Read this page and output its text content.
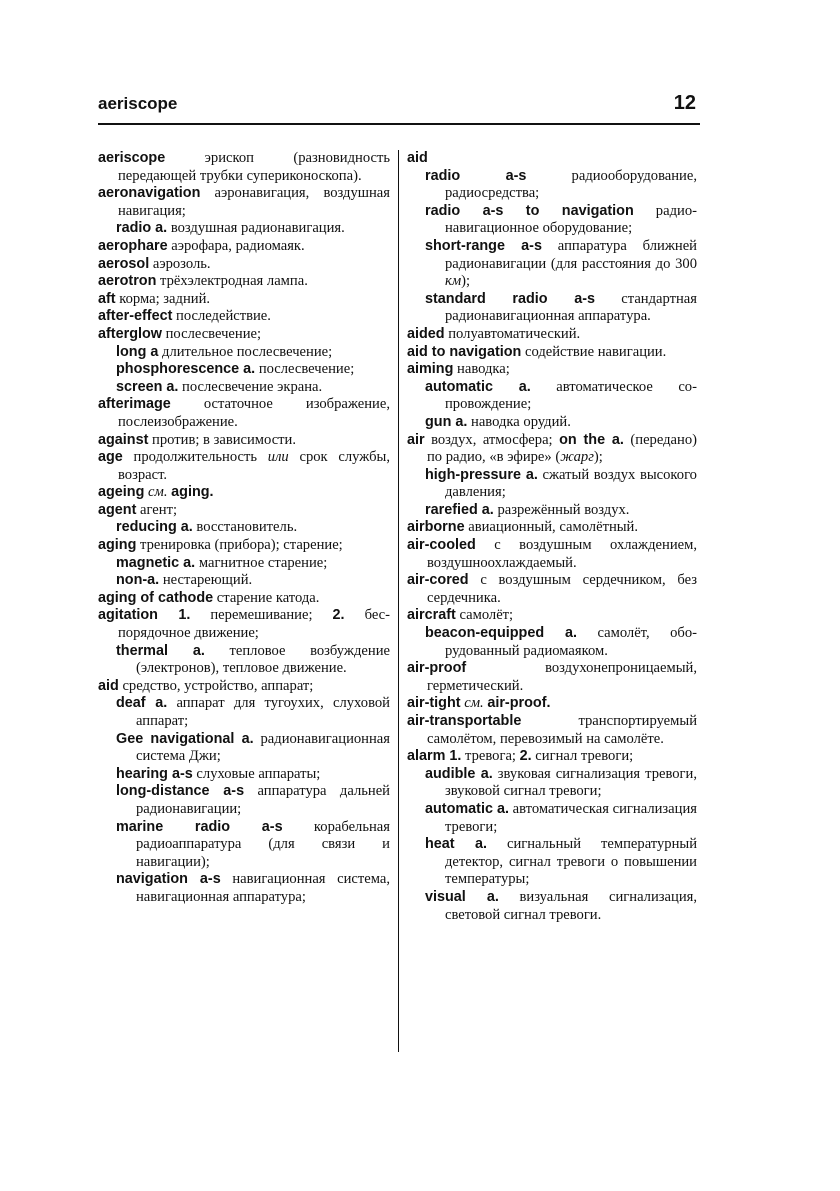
aeriscope	12

aeriscope эрископ (разновидность передающей трубки супериконоскопа).

aeronavigation аэронавигация, воздушная навигация;

radio a. воздушная радионавигация.

aerophare аэрофара, радиомаяк.

aerosol аэрозоль.

aerotron трёхэлектродная лампа.

aft корма; задний.

after-effect последействие.

afterglow послесвечение;

long a длительное послесвечение;

phosphorescence a. послесвечение;

screen a. послесвечение экрана.

afterimage остаточное изображение, послеизображение.

against против; в зависимости.

age продолжительность или срок службы, возраст.

ageing см. aging.

agent агент;

reducing a. восстановитель.

aging тренировка (прибора); старение;

magnetic a. магнитное старение;

non-a. нестареющий.

aging of cathode старение катода.

agitation 1. перемешивание; 2. беспорядочное движение;

thermal a. тепловое возбуждение (электронов), тепловое движение.

aid средство, устройство, аппарат;

deaf a. аппарат для тугоухих, слуховой аппарат;

Gee navigational a. радионавигационная система Джи;

hearing a-s слуховые аппараты;

long-distance a-s аппаратура дальней радионавигации;

marine radio a-s корабельная радиоаппаратура (для связи и навигации);

navigation a-s навигационная система, навигационная аппаратура;

aid

radio a-s радиооборудование, радиосредства;

radio a-s to navigation радионавигационное оборудование;

short-range a-s аппаратура ближней радионавигации (для расстояния до 300 км);

standard radio a-s стандартная радионавигационная аппаратура.

aided полуавтоматический.

aid to navigation содействие навигации.

aiming наводка;

automatic a. автоматическое сопровождение;

gun a. наводка орудий.

air воздух, атмосфера; on the a. (передано) по радио, «в эфире» (жарг);

high-pressure a. сжатый воздух высокого давления;

rarefied a. разрежённый воздух.

airborne авиационный, самолётный.

air-cooled с воздушным охлаждением, воздушноохлаждаемый.

air-cored с воздушным сердечником, без сердечника.

aircraft самолёт;

beacon-equipped a. самолёт, оборудованный радиомаяком.

air-proof воздухонепроницаемый, герметический.

air-tight см. air-proof.

air-transportable транспортируемый самолётом, перевозимый на самолёте.

alarm 1. тревога; 2. сигнал тревоги;

audible a. звуковая сигнализация тревоги, звуковой сигнал тревоги;

automatic a. автоматическая сигнализация тревоги;

heat a. сигнальный температурный детектор, сигнал тревоги о повышении температуры;

visual a. визуальная сигнализация, световой сигнал тревоги.
